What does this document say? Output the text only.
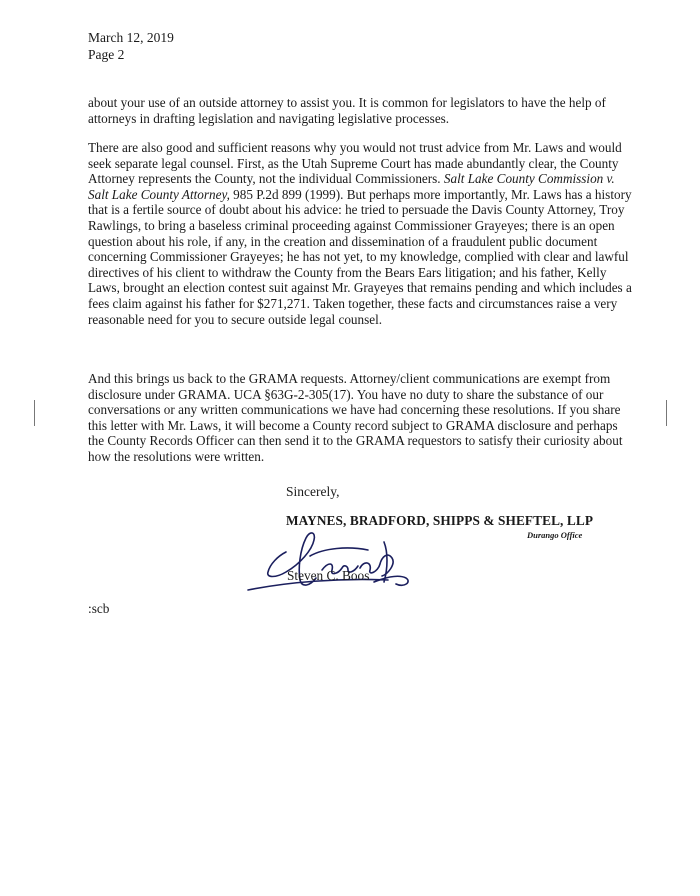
March 12, 2019
Page 2

about your use of an outside attorney to assist you. It is common for legislators to have the help of attorneys in drafting legislation and navigating legislative processes.

There are also good and sufficient reasons why you would not trust advice from Mr. Laws and would seek separate legal counsel. First, as the Utah Supreme Court has made abundantly clear, the County Attorney represents the County, not the individual Commissioners. Salt Lake County Commission v. Salt Lake County Attorney, 985 P.2d 899 (1999). But perhaps more importantly, Mr. Laws has a history that is a fertile source of doubt about his advice: he tried to persuade the Davis County Attorney, Troy Rawlings, to bring a baseless criminal proceeding against Commissioner Grayeyes; there is an open question about his role, if any, in the creation and dissemination of a fraudulent public document concerning Commissioner Grayeyes; he has not yet, to my knowledge, complied with clear and lawful directives of his client to withdraw the County from the Bears Ears litigation; and his father, Kelly Laws, brought an election contest suit against Mr. Grayeyes that remains pending and which includes a fees claim against his father for $271,271. Taken together, these facts and circumstances raise a very reasonable need for you to secure outside legal counsel.

And this brings us back to the GRAMA requests. Attorney/client communications are exempt from disclosure under GRAMA. UCA §63G-2-305(17). You have no duty to share the substance of our conversations or any written communications we have had concerning these resolutions. If you share this letter with Mr. Laws, it will become a County record subject to GRAMA disclosure and perhaps the County Records Officer can then send it to the GRAMA requestors to satisfy their curiosity about how the resolutions were written.

Sincerely,
MAYNES, BRADFORD, SHIPPS & SHEFTEL, LLP
Durango Office
Steven C. Boos
:scb
